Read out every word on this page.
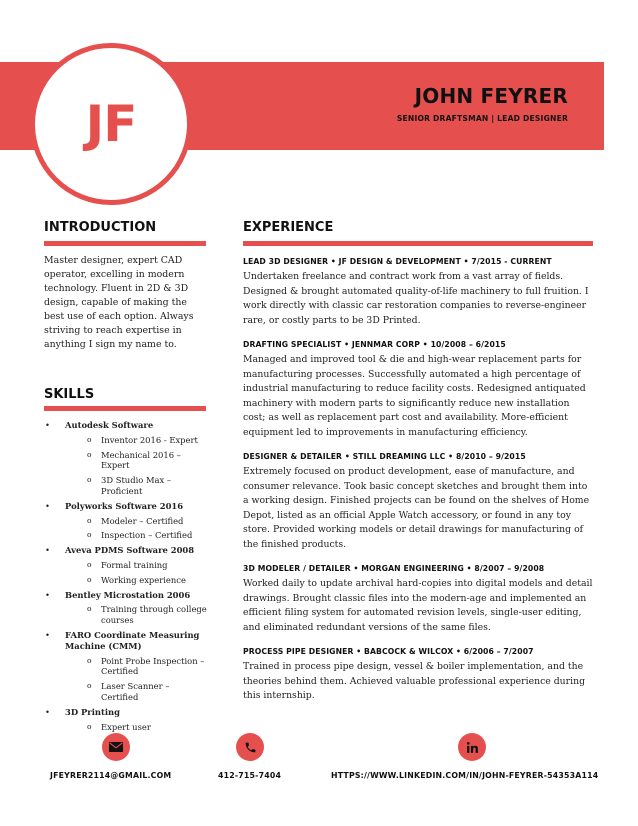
JF	JOHN FEYRER
SENIOR DRAFTSMAN | LEAD DESIGNER
INTRODUCTION
Master designer, expert CAD operator, excelling in modern technology. Fluent in 2D & 3D design, capable of making the best use of each option. Always striving to reach expertise in anything I sign my name to.
SKILLS
• Autodesk Software
o Inventor 2016 - Expert
o Mechanical 2016 – Expert
o 3D Studio Max – Proficient
• Polyworks Software 2016
o Modeler – Certified
o Inspection – Certified
• Aveva PDMS Software 2008
o Formal training
o Working experience
• Bentley Microstation 2006
o Training through college courses
• FARO Coordinate Measuring Machine (CMM)
o Point Probe Inspection – Certified
o Laser Scanner – Certified
• 3D Printing
o Expert user
EXPERIENCE
LEAD 3D DESIGNER • JF DESIGN & DEVELOPMENT • 7/2015 - CURRENT
Undertaken freelance and contract work from a vast array of fields. Designed & brought automated quality-of-life machinery to full fruition. I work directly with classic car restoration companies to reverse-engineer rare, or costly parts to be 3D Printed.
DRAFTING SPECIALIST • JENNMAR CORP • 10/2008 – 6/2015
Managed and improved tool & die and high-wear replacement parts for manufacturing processes. Successfully automated a high percentage of industrial manufacturing to reduce facility costs. Redesigned antiquated machinery with modern parts to significantly reduce new installation cost; as well as replacement part cost and availability. More-efficient equipment led to improvements in manufacturing efficiency.
DESIGNER & DETAILER • STILL DREAMING LLC • 8/2010 – 9/2015
Extremely focused on product development, ease of manufacture, and consumer relevance. Took basic concept sketches and brought them into a working design. Finished projects can be found on the shelves of Home Depot, listed as an official Apple Watch accessory, or found in any toy store. Provided working models or detail drawings for manufacturing of the finished products.
3D MODELER / DETAILER • MORGAN ENGINEERING • 8/2007 – 9/2008
Worked daily to update archival hard-copies into digital models and detail drawings. Brought classic files into the modern-age and implemented an efficient filing system for automated revision levels, single-user editing, and eliminated redundant versions of the same files.
PROCESS PIPE DESIGNER • BABCOCK & WILCOX • 6/2006 – 7/2007
Trained in process pipe design, vessel & boiler implementation, and the theories behind them. Achieved valuable professional experience during this internship.
JFEYRER2114@GMAIL.COM	412-715-7404	HTTPS://WWW.LINKEDIN.COM/IN/JOHN-FEYRER-54353A114
